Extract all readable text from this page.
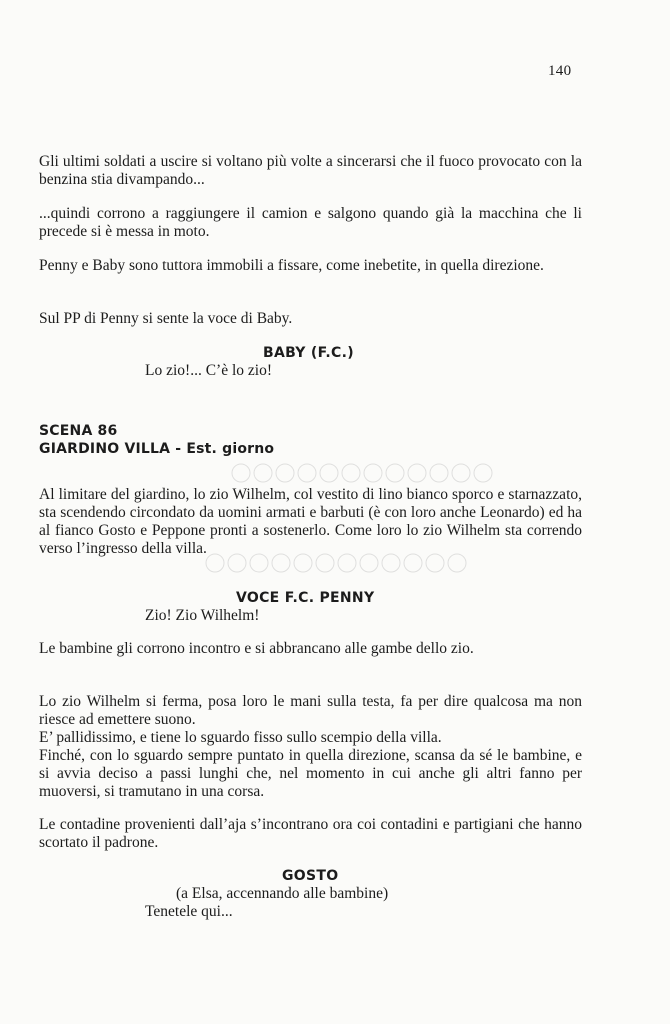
140

Gli ultimi soldati a uscire si voltano più volte a sincerarsi che il fuoco provocato con la benzina stia divampando...

...quindi corrono a raggiungere il camion e salgono quando già la macchina che li precede si è messa in moto.

Penny e Baby sono tuttora immobili a fissare, come inebetite, in quella direzione.

Sul PP di Penny si sente la voce di Baby.

BABY (F.C.)
Lo zio!... C’è lo zio!
SCENA 86
GIARDINO VILLA - Est. giorno

Al limitare del giardino, lo zio Wilhelm, col vestito di lino bianco sporco e starnazzato, sta scendendo circondato da uomini armati e barbuti (è con loro anche Leonardo) ed ha al fianco Gosto e Peppone pronti a sostenerlo. Come loro lo zio Wilhelm sta correndo verso l’ingresso della villa.

VOCE F.C. PENNY
Zio! Zio Wilhelm!

Le bambine gli corrono incontro e si abbrancano alle gambe dello zio.

Lo zio Wilhelm si ferma, posa loro le mani sulla testa, fa per dire qualcosa ma non riesce ad emettere suono.

E’ pallidissimo, e tiene lo sguardo fisso sullo scempio della villa.

Finché, con lo sguardo sempre puntato in quella direzione, scansa da sé le bambine, e si avvia deciso a passi lunghi che, nel momento in cui anche gli altri fanno per muoversi, si tramutano in una corsa.

Le contadine provenienti dall’aja s’incontrano ora coi contadini e partigiani che hanno scortato il padrone.

GOSTO
(a Elsa, accennando alle bambine)
Tenetele qui...
